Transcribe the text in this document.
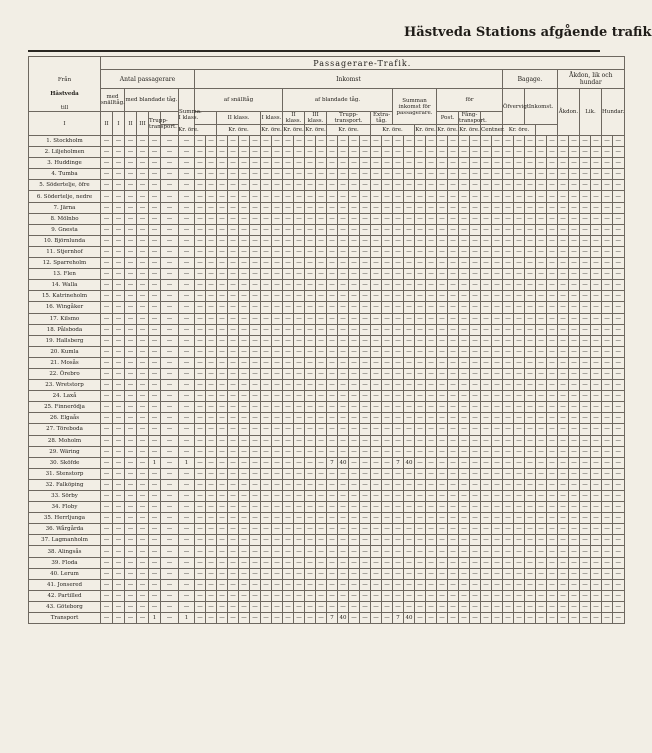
Hästveda Stations afgående trafik
Från
Hästveda
till	Passagerare-Trafik.																																													
	Antal passagerare							Inkomst																												Bagage.					Åkdon, lik och hundar					
	med snälltåg.		med blandade tåg.				Summa.	af snälltåg								af blandade tåg.										Summan inkomst för passagerare.				för						Öfvervigt.		Inkomst.			Åkdon.		Lik.		Hundar.	
I	II	I	II	III	Trupp-transport.	I klass.				II klass.				I klass.		II klass.		III klass.		Trupp-transport.				Extra-tåg.						Post.		Fång-transport.														
						Kr. öre.				Kr. öre.				Kr. öre.		Kr. öre.		Kr. öre.		Kr. öre.				Kr. öre.				Kr. öre.		Kr. öre.		Kr. öre.		Centner.		Kr. öre.										
1. Stockholm	—	—	—	—	—	—	—	—	—	—	—	—	—	—	—	—	—	—	—	—	—	—	—	—	—	—	—	—	—	—	—	—	—	—	—	—	—	—	—	—	—	—	—	—	—	—
2. Liljeholmen	—	—	—	—	—	—	—	—	—	—	—	—	—	—	—	—	—	—	—	—	—	—	—	—	—	—	—	—	—	—	—	—	—	—	—	—	—	—	—	—	—	—	—	—	—	—
3. Huddinge	—	—	—	—	—	—	—	—	—	—	—	—	—	—	—	—	—	—	—	—	—	—	—	—	—	—	—	—	—	—	—	—	—	—	—	—	—	—	—	—	—	—	—	—	—	—
4. Tumba	—	—	—	—	—	—	—	—	—	—	—	—	—	—	—	—	—	—	—	—	—	—	—	—	—	—	—	—	—	—	—	—	—	—	—	—	—	—	—	—	—	—	—	—	—	—
5. Södertelje, öfre	—	—	—	—	—	—	—	—	—	—	—	—	—	—	—	—	—	—	—	—	—	—	—	—	—	—	—	—	—	—	—	—	—	—	—	—	—	—	—	—	—	—	—	—	—	—
6. Södertelje, nedre	—	—	—	—	—	—	—	—	—	—	—	—	—	—	—	—	—	—	—	—	—	—	—	—	—	—	—	—	—	—	—	—	—	—	—	—	—	—	—	—	—	—	—	—	—	—
7. Järna	—	—	—	—	—	—	—	—	—	—	—	—	—	—	—	—	—	—	—	—	—	—	—	—	—	—	—	—	—	—	—	—	—	—	—	—	—	—	—	—	—	—	—	—	—	—
8. Mölnbo	—	—	—	—	—	—	—	—	—	—	—	—	—	—	—	—	—	—	—	—	—	—	—	—	—	—	—	—	—	—	—	—	—	—	—	—	—	—	—	—	—	—	—	—	—	—
9. Gnesta	—	—	—	—	—	—	—	—	—	—	—	—	—	—	—	—	—	—	—	—	—	—	—	—	—	—	—	—	—	—	—	—	—	—	—	—	—	—	—	—	—	—	—	—	—	—
10. Björnlunda	—	—	—	—	—	—	—	—	—	—	—	—	—	—	—	—	—	—	—	—	—	—	—	—	—	—	—	—	—	—	—	—	—	—	—	—	—	—	—	—	—	—	—	—	—	—
11. Stjernhof	—	—	—	—	—	—	—	—	—	—	—	—	—	—	—	—	—	—	—	—	—	—	—	—	—	—	—	—	—	—	—	—	—	—	—	—	—	—	—	—	—	—	—	—	—	—
12. Sparreholm	—	—	—	—	—	—	—	—	—	—	—	—	—	—	—	—	—	—	—	—	—	—	—	—	—	—	—	—	—	—	—	—	—	—	—	—	—	—	—	—	—	—	—	—	—	—
13. Flen	—	—	—	—	—	—	—	—	—	—	—	—	—	—	—	—	—	—	—	—	—	—	—	—	—	—	—	—	—	—	—	—	—	—	—	—	—	—	—	—	—	—	—	—	—	—
14. Walla	—	—	—	—	—	—	—	—	—	—	—	—	—	—	—	—	—	—	—	—	—	—	—	—	—	—	—	—	—	—	—	—	—	—	—	—	—	—	—	—	—	—	—	—	—	—
15. Katrineholm	—	—	—	—	—	—	—	—	—	—	—	—	—	—	—	—	—	—	—	—	—	—	—	—	—	—	—	—	—	—	—	—	—	—	—	—	—	—	—	—	—	—	—	—	—	—
16. Wingåker	—	—	—	—	—	—	—	—	—	—	—	—	—	—	—	—	—	—	—	—	—	—	—	—	—	—	—	—	—	—	—	—	—	—	—	—	—	—	—	—	—	—	—	—	—	—
17. Kilsmo	—	—	—	—	—	—	—	—	—	—	—	—	—	—	—	—	—	—	—	—	—	—	—	—	—	—	—	—	—	—	—	—	—	—	—	—	—	—	—	—	—	—	—	—	—	—
18. Pålsboda	—	—	—	—	—	—	—	—	—	—	—	—	—	—	—	—	—	—	—	—	—	—	—	—	—	—	—	—	—	—	—	—	—	—	—	—	—	—	—	—	—	—	—	—	—	—
19. Hallsberg	—	—	—	—	—	—	—	—	—	—	—	—	—	—	—	—	—	—	—	—	—	—	—	—	—	—	—	—	—	—	—	—	—	—	—	—	—	—	—	—	—	—	—	—	—	—
20. Kumla	—	—	—	—	—	—	—	—	—	—	—	—	—	—	—	—	—	—	—	—	—	—	—	—	—	—	—	—	—	—	—	—	—	—	—	—	—	—	—	—	—	—	—	—	—	—
21. Mosås	—	—	—	—	—	—	—	—	—	—	—	—	—	—	—	—	—	—	—	—	—	—	—	—	—	—	—	—	—	—	—	—	—	—	—	—	—	—	—	—	—	—	—	—	—	—
22. Örebro	—	—	—	—	—	—	—	—	—	—	—	—	—	—	—	—	—	—	—	—	—	—	—	—	—	—	—	—	—	—	—	—	—	—	—	—	—	—	—	—	—	—	—	—	—	—
23. Wretstorp	—	—	—	—	—	—	—	—	—	—	—	—	—	—	—	—	—	—	—	—	—	—	—	—	—	—	—	—	—	—	—	—	—	—	—	—	—	—	—	—	—	—	—	—	—	—
24. Laxå	—	—	—	—	—	—	—	—	—	—	—	—	—	—	—	—	—	—	—	—	—	—	—	—	—	—	—	—	—	—	—	—	—	—	—	—	—	—	—	—	—	—	—	—	—	—
25. Finnerödja	—	—	—	—	—	—	—	—	—	—	—	—	—	—	—	—	—	—	—	—	—	—	—	—	—	—	—	—	—	—	—	—	—	—	—	—	—	—	—	—	—	—	—	—	—	—
26. Elgaås	—	—	—	—	—	—	—	—	—	—	—	—	—	—	—	—	—	—	—	—	—	—	—	—	—	—	—	—	—	—	—	—	—	—	—	—	—	—	—	—	—	—	—	—	—	—
27. Töreboda	—	—	—	—	—	—	—	—	—	—	—	—	—	—	—	—	—	—	—	—	—	—	—	—	—	—	—	—	—	—	—	—	—	—	—	—	—	—	—	—	—	—	—	—	—	—
28. Moholm	—	—	—	—	—	—	—	—	—	—	—	—	—	—	—	—	—	—	—	—	—	—	—	—	—	—	—	—	—	—	—	—	—	—	—	—	—	—	—	—	—	—	—	—	—	—
29. Wäring	—	—	—	—	—	—	—	—	—	—	—	—	—	—	—	—	—	—	—	—	—	—	—	—	—	—	—	—	—	—	—	—	—	—	—	—	—	—	—	—	—	—	—	—	—	—
30. Sköfde	—	—	—	—	1	—	1	—	—	—	—	—	—	—	—	—	—	—	—	7	40	—	—	—	—	7	40	—	—	—	—	—	—	—	—	—	—	—	—	—	—	—	—	—	—	—
31. Stenstorp	—	—	—	—	—	—	—	—	—	—	—	—	—	—	—	—	—	—	—	—	—	—	—	—	—	—	—	—	—	—	—	—	—	—	—	—	—	—	—	—	—	—	—	—	—	—
32. Falköping	—	—	—	—	—	—	—	—	—	—	—	—	—	—	—	—	—	—	—	—	—	—	—	—	—	—	—	—	—	—	—	—	—	—	—	—	—	—	—	—	—	—	—	—	—	—
33. Sörby	—	—	—	—	—	—	—	—	—	—	—	—	—	—	—	—	—	—	—	—	—	—	—	—	—	—	—	—	—	—	—	—	—	—	—	—	—	—	—	—	—	—	—	—	—	—
34. Floby	—	—	—	—	—	—	—	—	—	—	—	—	—	—	—	—	—	—	—	—	—	—	—	—	—	—	—	—	—	—	—	—	—	—	—	—	—	—	—	—	—	—	—	—	—	—
35. Herrljunga	—	—	—	—	—	—	—	—	—	—	—	—	—	—	—	—	—	—	—	—	—	—	—	—	—	—	—	—	—	—	—	—	—	—	—	—	—	—	—	—	—	—	—	—	—	—
36. Wårgårda	—	—	—	—	—	—	—	—	—	—	—	—	—	—	—	—	—	—	—	—	—	—	—	—	—	—	—	—	—	—	—	—	—	—	—	—	—	—	—	—	—	—	—	—	—	—
37. Lagmanholm	—	—	—	—	—	—	—	—	—	—	—	—	—	—	—	—	—	—	—	—	—	—	—	—	—	—	—	—	—	—	—	—	—	—	—	—	—	—	—	—	—	—	—	—	—	—
38. Alingsås	—	—	—	—	—	—	—	—	—	—	—	—	—	—	—	—	—	—	—	—	—	—	—	—	—	—	—	—	—	—	—	—	—	—	—	—	—	—	—	—	—	—	—	—	—	—
39. Floda	—	—	—	—	—	—	—	—	—	—	—	—	—	—	—	—	—	—	—	—	—	—	—	—	—	—	—	—	—	—	—	—	—	—	—	—	—	—	—	—	—	—	—	—	—	—
40. Lerum	—	—	—	—	—	—	—	—	—	—	—	—	—	—	—	—	—	—	—	—	—	—	—	—	—	—	—	—	—	—	—	—	—	—	—	—	—	—	—	—	—	—	—	—	—	—
41. Jonsered	—	—	—	—	—	—	—	—	—	—	—	—	—	—	—	—	—	—	—	—	—	—	—	—	—	—	—	—	—	—	—	—	—	—	—	—	—	—	—	—	—	—	—	—	—	—
42. Partilled	—	—	—	—	—	—	—	—	—	—	—	—	—	—	—	—	—	—	—	—	—	—	—	—	—	—	—	—	—	—	—	—	—	—	—	—	—	—	—	—	—	—	—	—	—	—
43. Göteborg	—	—	—	—	—	—	—	—	—	—	—	—	—	—	—	—	—	—	—	—	—	—	—	—	—	—	—	—	—	—	—	—	—	—	—	—	—	—	—	—	—	—	—	—	—	—
Transport	—	—	—	—	1	—	1	—	—	—	—	—	—	—	—	—	—	—	—	7	40	—	—	—	—	7	40	—	—	—	—	—	—	—	—	—	—	—	—	—	—	—	—	—	—	—
